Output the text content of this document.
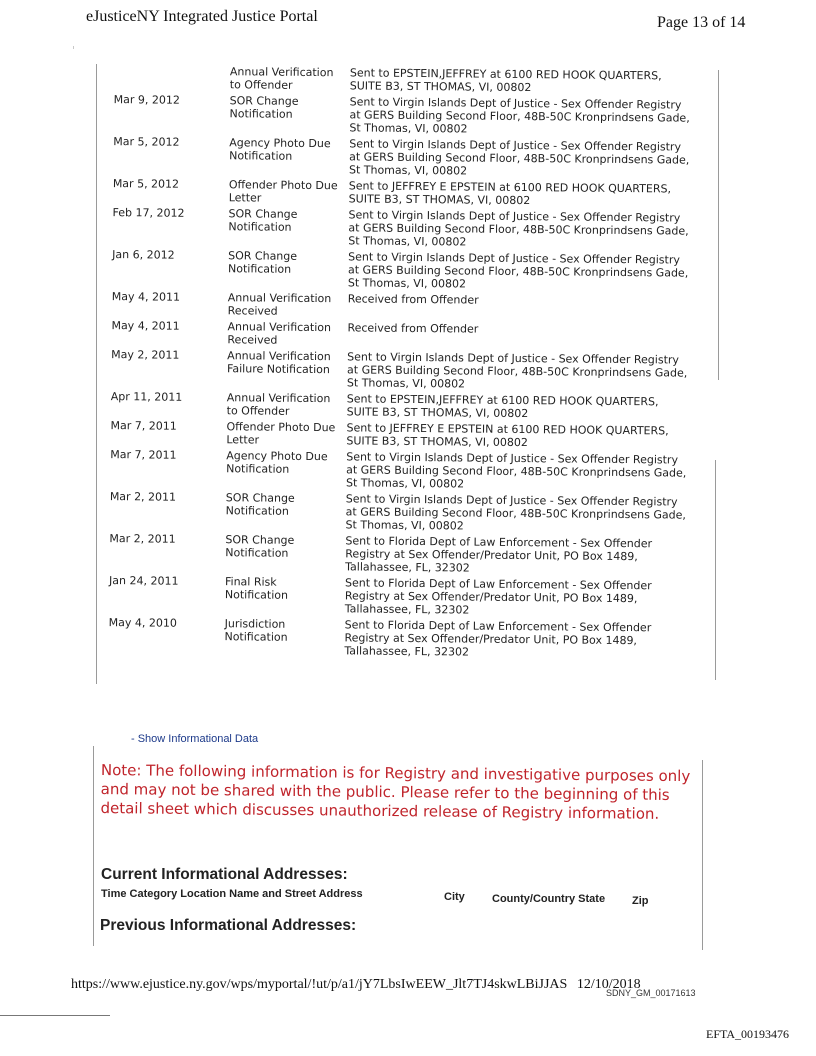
eJusticeNY Integrated Justice Portal	Page 13 of 14
Annual Verification
to Offender
Sent to EPSTEIN,JEFFREY at 6100 RED HOOK QUARTERS,
SUITE B3, ST THOMAS, VI, 00802
Mar 9, 2012	SOR Change
Notification
Sent to Virgin Islands Dept of Justice - Sex Offender Registry
at GERS Building Second Floor, 48B-50C Kronprindsens Gade,
St Thomas, VI, 00802
Mar 5, 2012	Agency Photo Due
Notification
Sent to Virgin Islands Dept of Justice - Sex Offender Registry
at GERS Building Second Floor, 48B-50C Kronprindsens Gade,
St Thomas, VI, 00802
Mar 5, 2012	Offender Photo Due
Letter
Sent to JEFFREY E EPSTEIN at 6100 RED HOOK QUARTERS,
SUITE B3, ST THOMAS, VI, 00802
Feb 17, 2012	SOR Change
Notification
Sent to Virgin Islands Dept of Justice - Sex Offender Registry
at GERS Building Second Floor, 48B-50C Kronprindsens Gade,
St Thomas, VI, 00802
Jan 6, 2012	SOR Change
Notification
Sent to Virgin Islands Dept of Justice - Sex Offender Registry
at GERS Building Second Floor, 48B-50C Kronprindsens Gade,
St Thomas, VI, 00802
May 4, 2011	Annual Verification
Received
Received from Offender
May 4, 2011	Annual Verification
Received
Received from Offender
May 2, 2011	Annual Verification
Failure Notification
Sent to Virgin Islands Dept of Justice - Sex Offender Registry
at GERS Building Second Floor, 48B-50C Kronprindsens Gade,
St Thomas, VI, 00802
Apr 11, 2011	Annual Verification
to Offender
Sent to EPSTEIN,JEFFREY at 6100 RED HOOK QUARTERS,
SUITE B3, ST THOMAS, VI, 00802
Mar 7, 2011	Offender Photo Due
Letter
Sent to JEFFREY E EPSTEIN at 6100 RED HOOK QUARTERS,
SUITE B3, ST THOMAS, VI, 00802
Mar 7, 2011	Agency Photo Due
Notification
Sent to Virgin Islands Dept of Justice - Sex Offender Registry
at GERS Building Second Floor, 48B-50C Kronprindsens Gade,
St Thomas, VI, 00802
Mar 2, 2011	SOR Change
Notification
Sent to Virgin Islands Dept of Justice - Sex Offender Registry
at GERS Building Second Floor, 48B-50C Kronprindsens Gade,
St Thomas, VI, 00802
Mar 2, 2011	SOR Change
Notification
Sent to Florida Dept of Law Enforcement - Sex Offender
Registry at Sex Offender/Predator Unit, PO Box 1489,
Tallahassee, FL, 32302
Jan 24, 2011	Final Risk
Notification
Sent to Florida Dept of Law Enforcement - Sex Offender
Registry at Sex Offender/Predator Unit, PO Box 1489,
Tallahassee, FL, 32302
May 4, 2010	Jurisdiction
Notification
Sent to Florida Dept of Law Enforcement - Sex Offender
Registry at Sex Offender/Predator Unit, PO Box 1489,
Tallahassee, FL, 32302
- Show Informational Data
Note: The following information is for Registry and investigative purposes only and may not be shared with the public. Please refer to the beginning of this detail sheet which discusses unauthorized release of Registry information.
Current Informational Addresses:
Time Category Location Name and Street Address	City County/Country State Zip
Previous Informational Addresses:
https://www.ejustice.ny.gov/wps/myportal/!ut/p/a1/jY7LbsIwEEW_Jlt7TJ4skwLBiJJAS 12/10/2018
SDNY_GM_00171613
EFTA_00193476
